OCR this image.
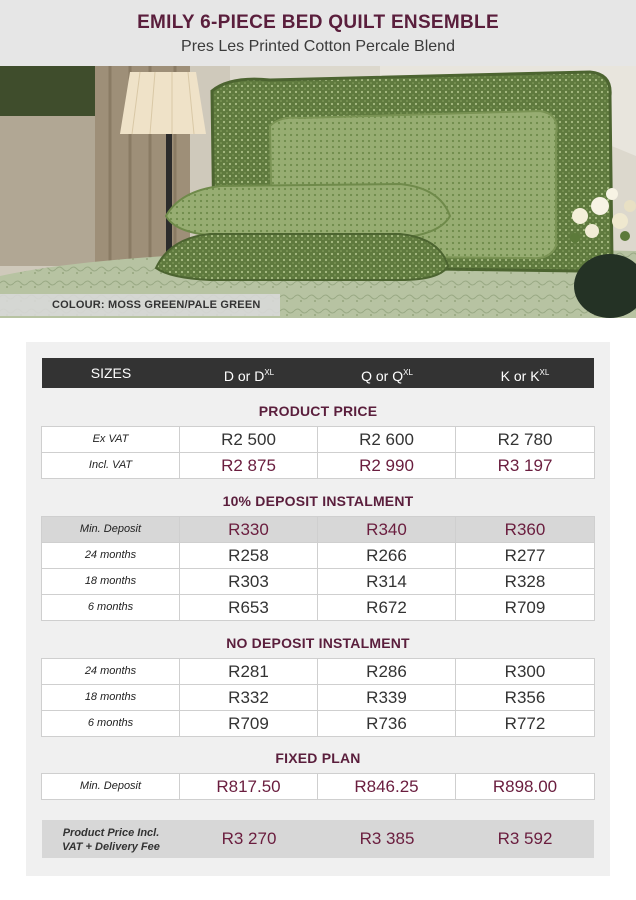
EMILY 6-PIECE BED QUILT ENSEMBLE
Pres Les Printed Cotton Percale Blend
COLOUR: MOSS GREEN/PALE GREEN
SIZES	D or $D^{XL}$	Q or $Q^{XL}$	K or $K^{XL}$
PRODUCT PRICE
Ex VAT	R2 500	R2 600	R2 780
Incl. VAT	R2 875	R2 990	R3 197
10% DEPOSIT INSTALMENT
Min. Deposit	R330	R340	R360
24 months	R258	R266	R277
18 months	R303	R314	R328
6 months	R653	R672	R709
NO DEPOSIT INSTALMENT
24 months	R281	R286	R300
18 months	R332	R339	R356
6 months	R709	R736	R772
FIXED PLAN
Min. Deposit	R817.50	R846.25	R898.00
Product Price Incl.
VAT + Delivery Fee	R3 270	R3 385	R3 592
